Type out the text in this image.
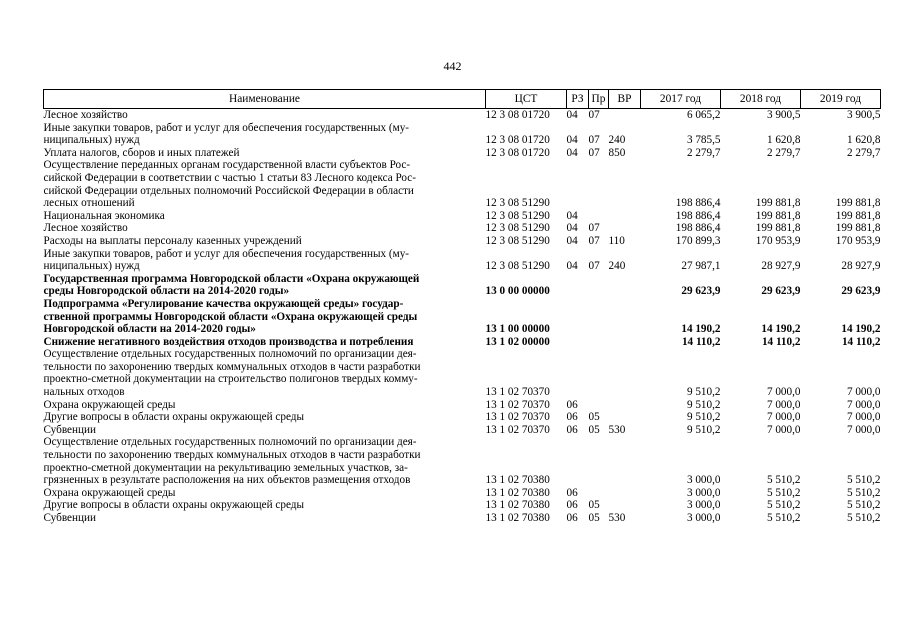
442
Наименование	ЦСТ	РЗ	Пр	ВР	2017 год	2018 год	2019 год
Лесное хозяйство	12 3 08 01720	04	07		6 065,2	3 900,5	3 900,5
Иные закупки товаров, работ и услуг для обеспечения государственных (му-
ниципальных) нужд	12 3 08 01720	04	07	240	3 785,5	1 620,8	1 620,8
Уплата налогов, сборов и иных платежей	12 3 08 01720	04	07	850	2 279,7	2 279,7	2 279,7
Осуществление переданных органам государственной власти субъектов Рос-
сийской Федерации в соответствии с частью 1 статьи 83 Лесного кодекса Рос-
сийской Федерации отдельных полномочий Российской Федерации в области
лесных отношений	12 3 08 51290				198 886,4	199 881,8	199 881,8
Национальная экономика	12 3 08 51290	04			198 886,4	199 881,8	199 881,8
Лесное хозяйство	12 3 08 51290	04	07		198 886,4	199 881,8	199 881,8
Расходы на выплаты персоналу казенных учреждений	12 3 08 51290	04	07	110	170 899,3	170 953,9	170 953,9
Иные закупки товаров, работ и услуг для обеспечения государственных (му-
ниципальных) нужд	12 3 08 51290	04	07	240	27 987,1	28 927,9	28 927,9
Государственная программа Новгородской области «Охрана окружающей
среды Новгородской области на 2014-2020 годы»	13 0 00 00000				29 623,9	29 623,9	29 623,9
Подпрограмма «Регулирование качества окружающей среды» государ-
ственной программы Новгородской области «Охрана окружающей среды
Новгородской области на 2014-2020 годы»	13 1 00 00000				14 190,2	14 190,2	14 190,2
Снижение негативного воздействия отходов производства и потребления	13 1 02 00000				14 110,2	14 110,2	14 110,2
Осуществление отдельных государственных полномочий по организации дея-
тельности по захоронению твердых коммунальных отходов в части разработки
проектно-сметной документации на строительство полигонов твердых комму-
нальных отходов	13 1 02 70370				9 510,2	7 000,0	7 000,0
Охрана окружающей среды	13 1 02 70370	06			9 510,2	7 000,0	7 000,0
Другие вопросы в области охраны окружающей среды	13 1 02 70370	06	05		9 510,2	7 000,0	7 000,0
Субвенции	13 1 02 70370	06	05	530	9 510,2	7 000,0	7 000,0
Осуществление отдельных государственных полномочий по организации дея-
тельности по захоронению твердых коммунальных отходов в части разработки
проектно-сметной документации на рекультивацию земельных участков, за-
грязненных в результате расположения на них объектов размещения отходов	13 1 02 70380				3 000,0	5 510,2	5 510,2
Охрана окружающей среды	13 1 02 70380	06			3 000,0	5 510,2	5 510,2
Другие вопросы в области охраны окружающей среды	13 1 02 70380	06	05		3 000,0	5 510,2	5 510,2
Субвенции	13 1 02 70380	06	05	530	3 000,0	5 510,2	5 510,2
